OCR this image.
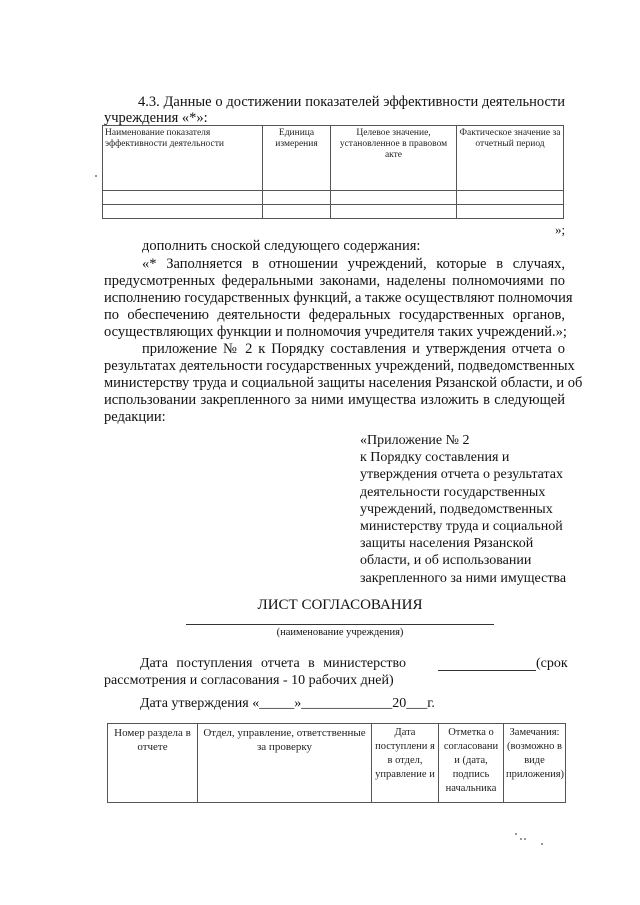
4.3. Данные о достижении показателей эффективности деятельности
учреждения «*»:
Наименование показателя эффективности деятельности	Единица измерения	Целевое значение, установленное в правовом акте	Фактическое значение за отчетный период

»;
дополнить сноской следующего содержания:
«* Заполняется в отношении учреждений, которые в случаях,
предусмотренных федеральными законами, наделены полномочиями по
исполнению государственных функций, а также осуществляют полномочия
по обеспечению деятельности федеральных государственных органов,
осуществляющих функции и полномочия учредителя таких учреждений.»;
приложение № 2 к Порядку составления и утверждения отчета о
результатах деятельности государственных учреждений, подведомственных
министерству труда и социальной защиты населения Рязанской области, и об
использовании закрепленного за ними имущества изложить в следующей
редакции:
«Приложение № 2
к Порядку составления и
утверждения отчета о результатах
деятельности государственных
учреждений, подведомственных
министерству труда и социальной
защиты населения Рязанской
области, и об использовании
закрепленного за ними имущества
ЛИСТ СОГЛАСОВАНИЯ
(наименование учреждения)
Дата поступления отчета в министерство	(срок
рассмотрения и согласования - 10 рабочих дней)
Дата утверждения «_____»_____________20___г.
Номер раздела в отчете	Отдел, управление, ответственные за проверку	Дата поступлени я в отдел, управление и	Отметка о согласовани и (дата, подпись начальника	Замечания: (возможно в виде приложения)
